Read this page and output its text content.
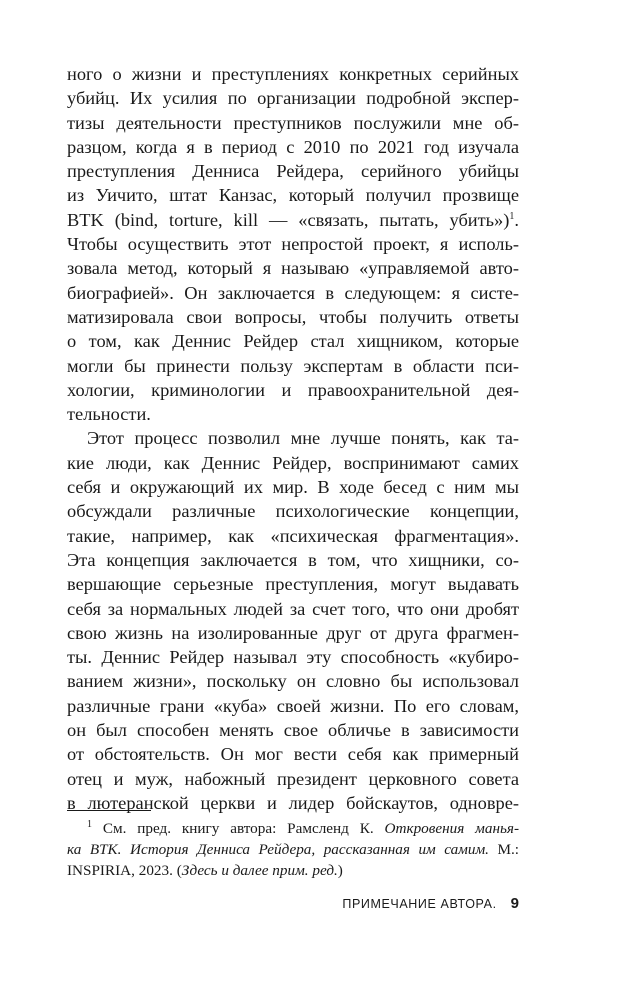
ного о жизни и преступлениях конкретных серийных
убийц. Их усилия по организации подробной экспер-
тизы деятельности преступников послужили мне об-
разцом, когда я в период с 2010 по 2021 год изучала
преступления Денниса Рейдера, серийного убийцы
из Уичито, штат Канзас, который получил прозвище
BTK (bind, torture, kill — «связать, пытать, убить»)$^1$.
Чтобы осуществить этот непростой проект, я исполь-
зовала метод, который я называю «управляемой авто-
биографией». Он заключается в следующем: я систе-
матизировала свои вопросы, чтобы получить ответы
о том, как Деннис Рейдер стал хищником, которые
могли бы принести пользу экспертам в области пси-
хологии, криминологии и правоохранительной дея-
тельности.
Этот процесс позволил мне лучше понять, как та-
кие люди, как Деннис Рейдер, воспринимают самих
себя и окружающий их мир. В ходе бесед с ним мы
обсуждали различные психологические концепции,
такие, например, как «психическая фрагментация».
Эта концепция заключается в том, что хищники, со-
вершающие серьезные преступления, могут выдавать
себя за нормальных людей за счет того, что они дробят
свою жизнь на изолированные друг от друга фрагмен-
ты. Деннис Рейдер называл эту способность «кубиро-
ванием жизни», поскольку он словно бы использовал
различные грани «куба» своей жизни. По его словам,
он был способен менять свое обличье в зависимости
от обстоятельств. Он мог вести себя как примерный
отец и муж, набожный президент церковного совета
в лютеранской церкви и лидер бойскаутов, одновре-
$^1$ См. пред. книгу автора: Рамсленд К. Откровения манья-
ка BTK. История Денниса Рейдера, рассказанная им самим. М.:
INSPIRIA, 2023. (Здесь и далее прим. ред.)
ПРИМЕЧАНИЕ АВТОРА. 9
